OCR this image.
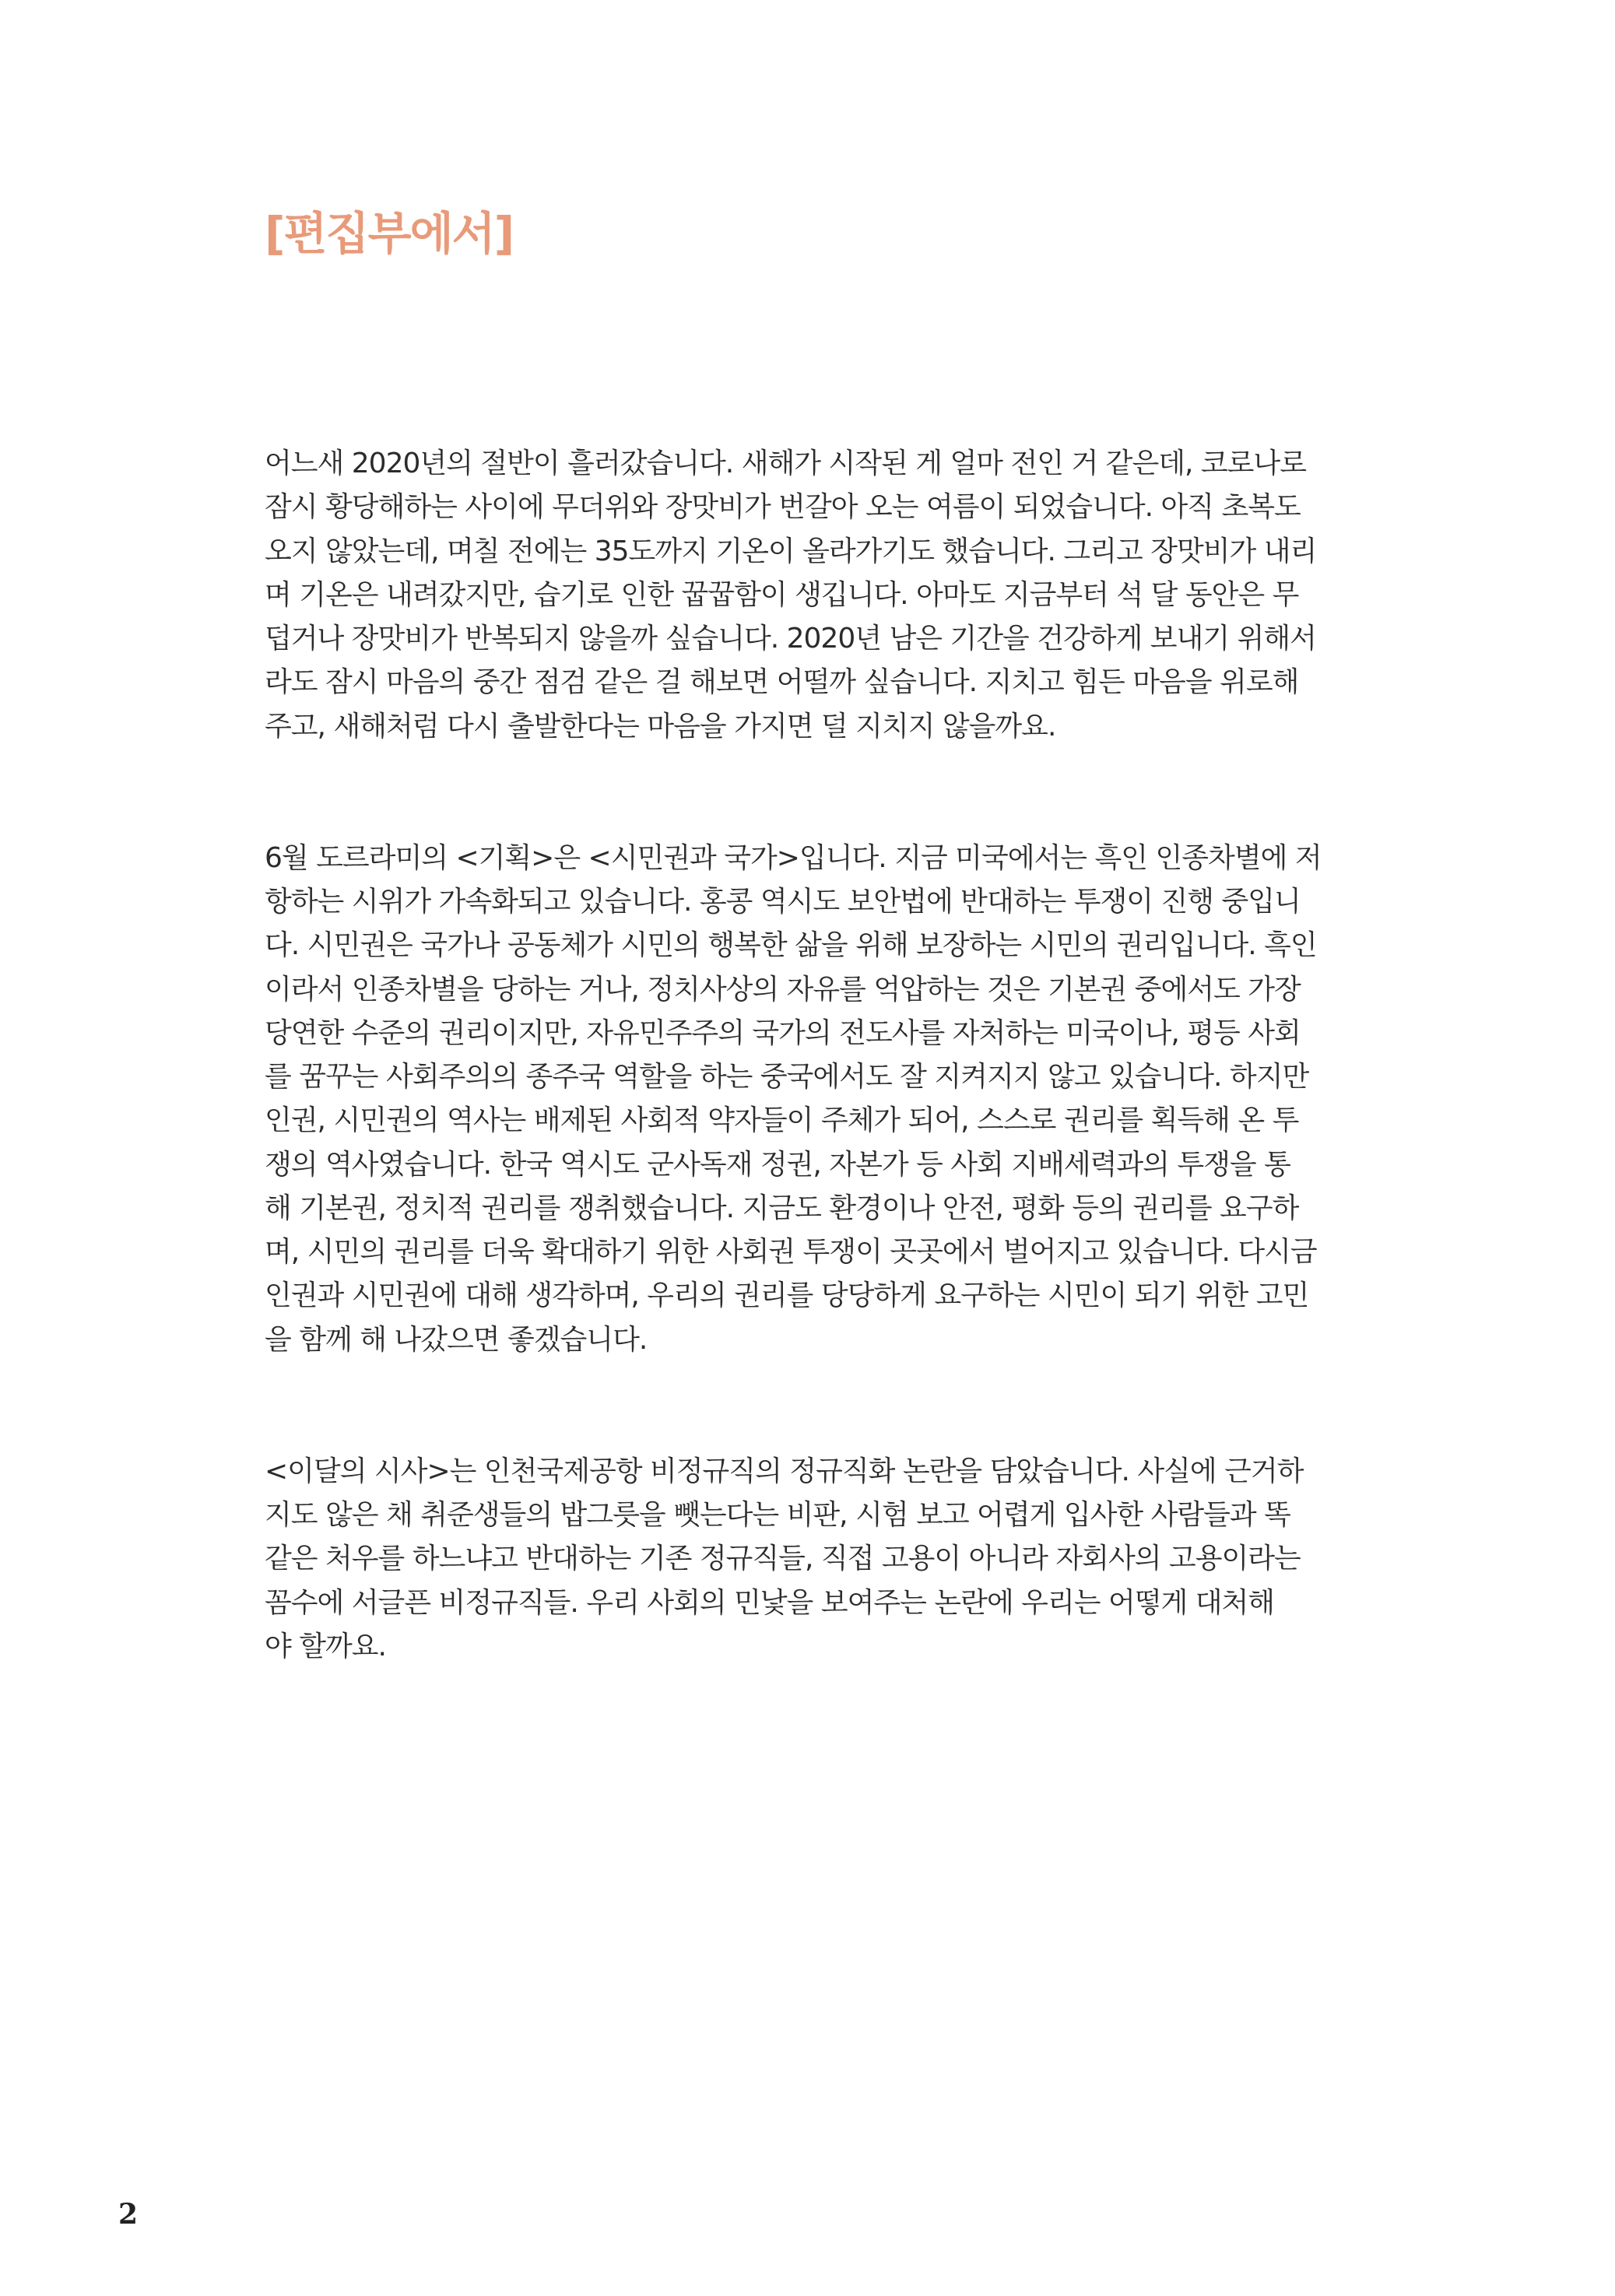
[편집부에서]

어느새 2020년의 절반이 흘러갔습니다. 새해가 시작된 게 얼마 전인 거 같은데, 코로나로
잠시 황당해하는 사이에 무더위와 장맛비가 번갈아 오는 여름이 되었습니다. 아직 초복도
오지 않았는데, 며칠 전에는 35도까지 기온이 올라가기도 했습니다. 그리고 장맛비가 내리
며 기온은 내려갔지만, 습기로 인한 꿉꿉함이 생깁니다. 아마도 지금부터 석 달 동안은 무
덥거나 장맛비가 반복되지 않을까 싶습니다. 2020년 남은 기간을 건강하게 보내기 위해서
라도 잠시 마음의 중간 점검 같은 걸 해보면 어떨까 싶습니다. 지치고 힘든 마음을 위로해
주고, 새해처럼 다시 출발한다는 마음을 가지면 덜 지치지 않을까요.

6월 도르라미의 <기획>은 <시민권과 국가>입니다. 지금 미국에서는 흑인 인종차별에 저
항하는 시위가 가속화되고 있습니다. 홍콩 역시도 보안법에 반대하는 투쟁이 진행 중입니
다. 시민권은 국가나 공동체가 시민의 행복한 삶을 위해 보장하는 시민의 권리입니다. 흑인
이라서 인종차별을 당하는 거나, 정치사상의 자유를 억압하는 것은 기본권 중에서도 가장
당연한 수준의 권리이지만, 자유민주주의 국가의 전도사를 자처하는 미국이나, 평등 사회
를 꿈꾸는 사회주의의 종주국 역할을 하는 중국에서도 잘 지켜지지 않고 있습니다. 하지만
인권, 시민권의 역사는 배제된 사회적 약자들이 주체가 되어, 스스로 권리를 획득해 온 투
쟁의 역사였습니다. 한국 역시도 군사독재 정권, 자본가 등 사회 지배세력과의 투쟁을 통
해 기본권, 정치적 권리를 쟁취했습니다. 지금도 환경이나 안전, 평화 등의 권리를 요구하
며, 시민의 권리를 더욱 확대하기 위한 사회권 투쟁이 곳곳에서 벌어지고 있습니다. 다시금
인권과 시민권에 대해 생각하며, 우리의 권리를 당당하게 요구하는 시민이 되기 위한 고민
을 함께 해 나갔으면 좋겠습니다.

<이달의 시사>는 인천국제공항 비정규직의 정규직화 논란을 담았습니다. 사실에 근거하
지도 않은 채 취준생들의 밥그릇을 뺏는다는 비판, 시험 보고 어렵게 입사한 사람들과 똑
같은 처우를 하느냐고 반대하는 기존 정규직들, 직접 고용이 아니라 자회사의 고용이라는
꼼수에 서글픈 비정규직들. 우리 사회의 민낯을 보여주는 논란에 우리는 어떻게 대처해
야 할까요.

2
